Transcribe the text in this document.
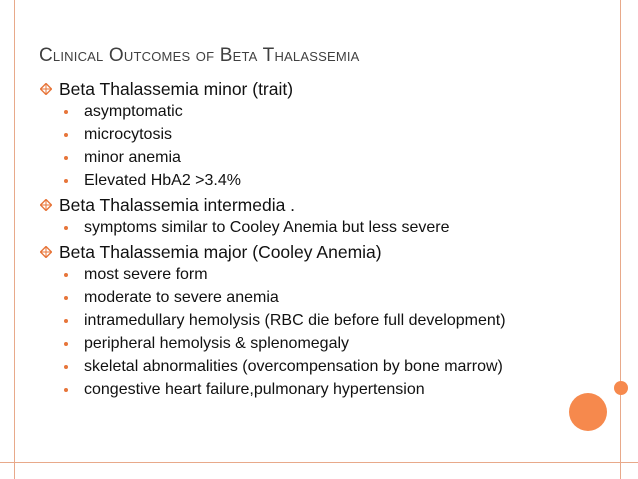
Clinical Outcomes of Beta Thalassemia
Beta Thalassemia minor (trait)
asymptomatic
microcytosis
minor anemia
Elevated HbA2 >3.4%
Beta Thalassemia intermedia .
symptoms similar to Cooley Anemia but less severe
Beta Thalassemia major (Cooley Anemia)
most severe form
moderate to severe anemia
intramedullary hemolysis (RBC die before full development)
peripheral hemolysis & splenomegaly
skeletal abnormalities (overcompensation by bone marrow)
congestive heart failure,pulmonary hypertension
